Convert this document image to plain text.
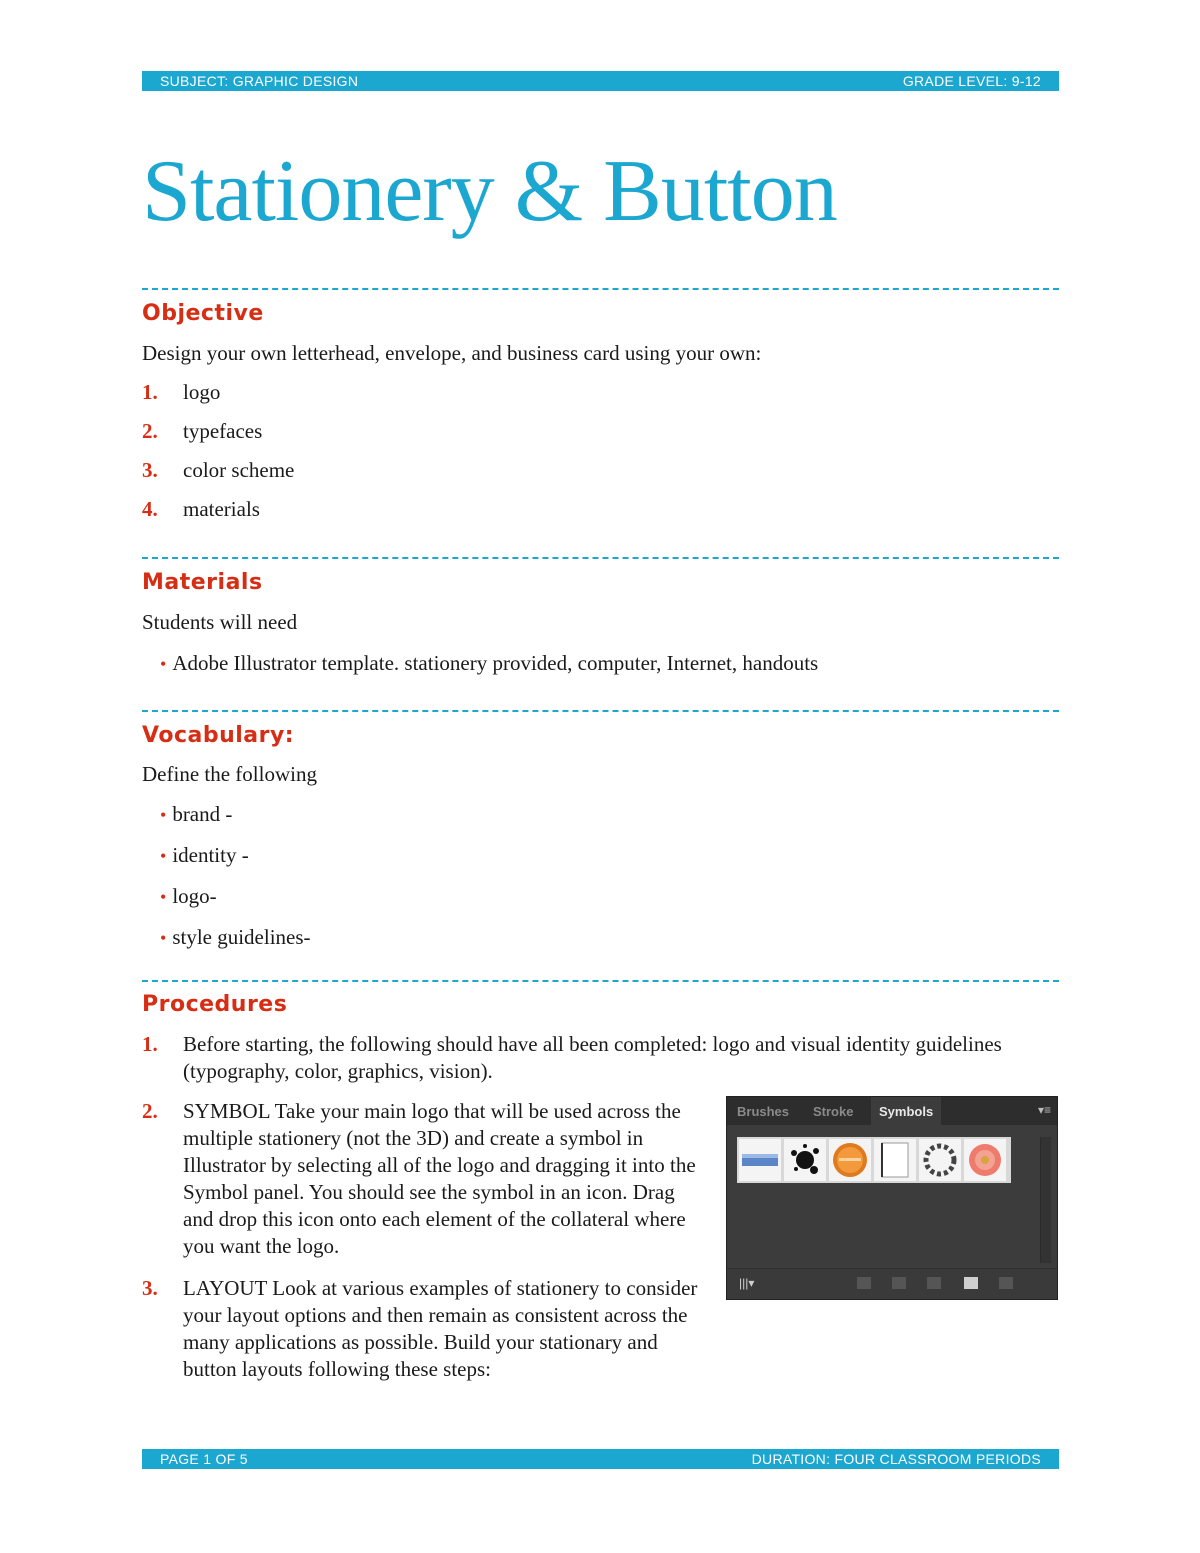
SUBJECT: GRAPHIC DESIGN	GRADE LEVEL: 9-12
Stationery & Button
Objective

Design your own letterhead, envelope, and business card using your own:

1. logo
2. typefaces
3. color scheme
4. materials
Materials

Students will need

• Adobe Illustrator template. stationery provided, computer, Internet, handouts
Vocabulary:

Define the following

• brand -
• identity -
• logo-
• style guidelines-
Procedures
1.	Before starting, the following should have all been completed: logo and visual identity guidelines (typography, color, graphics, vision).
2.	SYMBOL Take your main logo that will be used across the multiple stationery (not the 3D) and create a symbol in Illustrator by selecting all of the logo and dragging it into the Symbol panel. You should see the symbol in an icon. Drag and drop this icon onto each element of the collateral where you want the logo.
3. LAYOUT Look at various examples of stationery to consider your layout options and then remain as consistent across the many applications as possible. Build your stationary and button layouts following these steps:
Brushes Stroke	Symbols	▾≡
|||▾
PAGE 1 OF 5	DURATION: FOUR CLASSROOM PERIODS
